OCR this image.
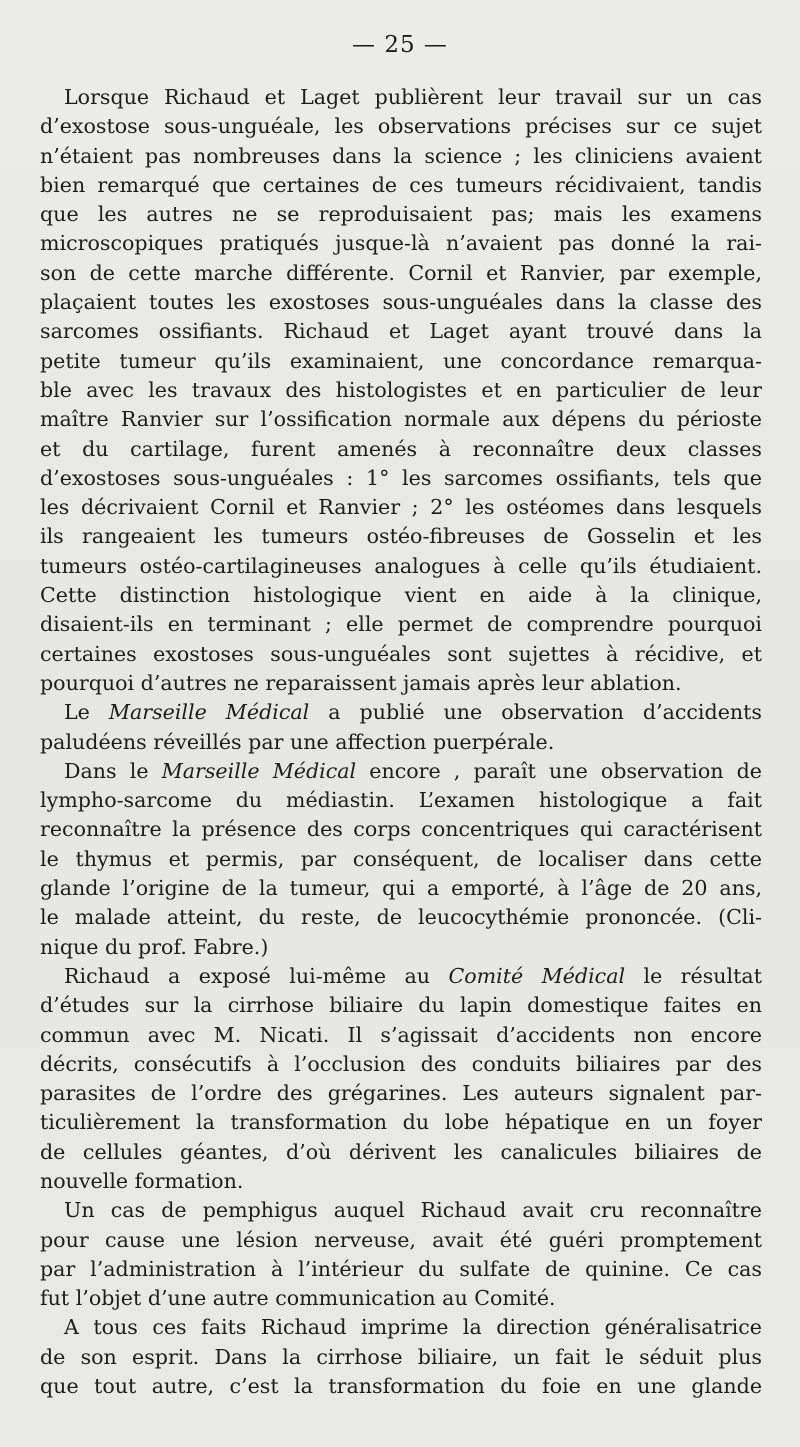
— 25 —

Lorsque Richaud et Laget publièrent leur travail sur un cas
d’exostose sous-unguéale, les observations précises sur ce sujet
n’étaient pas nombreuses dans la science ; les cliniciens avaient
bien remarqué que certaines de ces tumeurs récidivaient, tandis
que les autres ne se reproduisaient pas; mais les examens
microscopiques pratiqués jusque-là n’avaient pas donné la rai-
son de cette marche différente. Cornil et Ranvier, par exemple,
plaçaient toutes les exostoses sous-unguéales dans la classe des
sarcomes ossifiants. Richaud et Laget ayant trouvé dans la
petite tumeur qu’ils examinaient, une concordance remarqua-
ble avec les travaux des histologistes et en particulier de leur
maître Ranvier sur l’ossification normale aux dépens du périoste
et du cartilage, furent amenés à reconnaître deux classes
d’exostoses sous-unguéales : 1° les sarcomes ossifiants, tels que
les décrivaient Cornil et Ranvier ; 2° les ostéomes dans lesquels
ils rangeaient les tumeurs ostéo-fibreuses de Gosselin et les
tumeurs ostéo-cartilagineuses analogues à celle qu’ils étudiaient.
Cette distinction histologique vient en aide à la clinique,
disaient-ils en terminant ; elle permet de comprendre pourquoi
certaines exostoses sous-unguéales sont sujettes à récidive, et
pourquoi d’autres ne reparaissent jamais après leur ablation.

Le Marseille Médical a publié une observation d’accidents
paludéens réveillés par une affection puerpérale.

Dans le Marseille Médical encore , paraît une observation de
lympho-sarcome du médiastin. L’examen histologique a fait
reconnaître la présence des corps concentriques qui caractérisent
le thymus et permis, par conséquent, de localiser dans cette
glande l’origine de la tumeur, qui a emporté, à l’âge de 20 ans,
le malade atteint, du reste, de leucocythémie prononcée. (Cli-
nique du prof. Fabre.)

Richaud a exposé lui-même au Comité Médical le résultat
d’études sur la cirrhose biliaire du lapin domestique faites en
commun avec M. Nicati. Il s’agissait d’accidents non encore
décrits, consécutifs à l’occlusion des conduits biliaires par des
parasites de l’ordre des grégarines. Les auteurs signalent par-
ticulièrement la transformation du lobe hépatique en un foyer
de cellules géantes, d’où dérivent les canalicules biliaires de
nouvelle formation.

Un cas de pemphigus auquel Richaud avait cru reconnaître
pour cause une lésion nerveuse, avait été guéri promptement
par l’administration à l’intérieur du sulfate de quinine. Ce cas
fut l’objet d’une autre communication au Comité.

A tous ces faits Richaud imprime la direction généralisatrice
de son esprit. Dans la cirrhose biliaire, un fait le séduit plus
que tout autre, c’est la transformation du foie en une glande
